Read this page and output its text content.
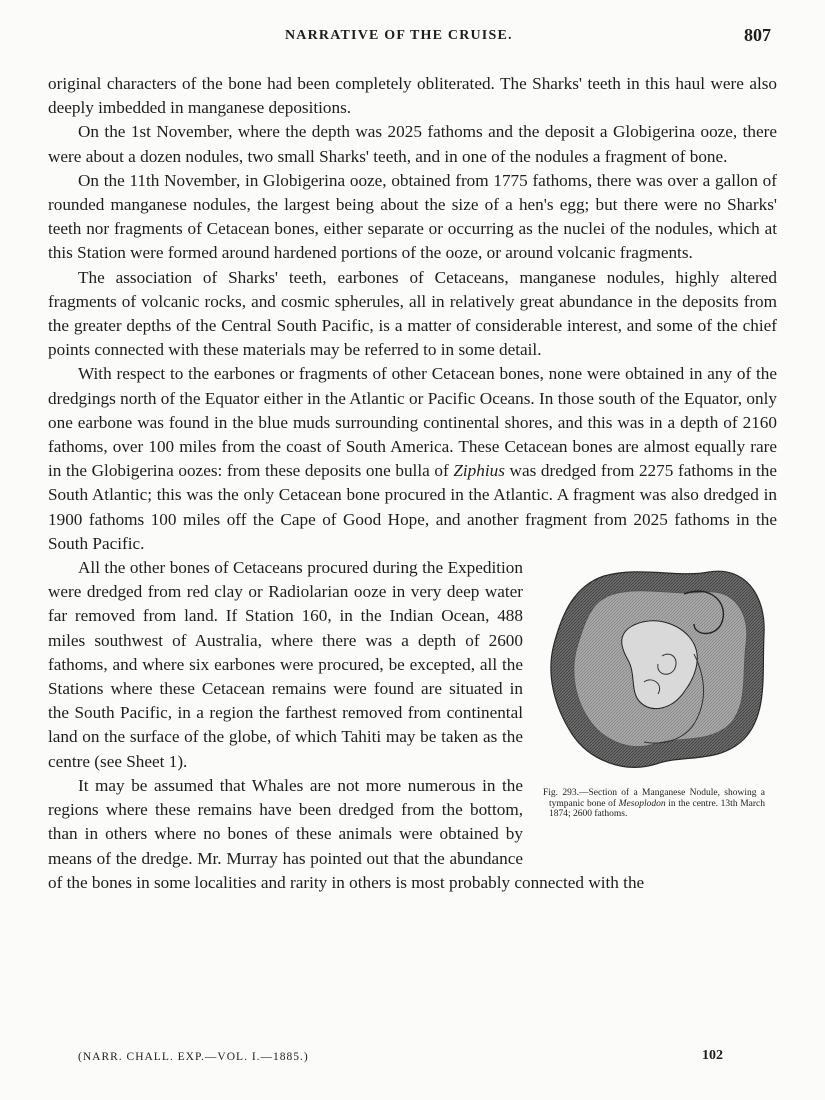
NARRATIVE OF THE CRUISE.	807

original characters of the bone had been completely obliterated. The Sharks' teeth in this haul were also deeply imbedded in manganese depositions.

On the 1st November, where the depth was 2025 fathoms and the deposit a Globigerina ooze, there were about a dozen nodules, two small Sharks' teeth, and in one of the nodules a fragment of bone.

On the 11th November, in Globigerina ooze, obtained from 1775 fathoms, there was over a gallon of rounded manganese nodules, the largest being about the size of a hen's egg; but there were no Sharks' teeth nor fragments of Cetacean bones, either separate or occurring as the nuclei of the nodules, which at this Station were formed around hardened portions of the ooze, or around volcanic fragments.

The association of Sharks' teeth, earbones of Cetaceans, manganese nodules, highly altered fragments of volcanic rocks, and cosmic spherules, all in relatively great abundance in the deposits from the greater depths of the Central South Pacific, is a matter of considerable interest, and some of the chief points connected with these materials may be referred to in some detail.

With respect to the earbones or fragments of other Cetacean bones, none were obtained in any of the dredgings north of the Equator either in the Atlantic or Pacific Oceans. In those south of the Equator, only one earbone was found in the blue muds surrounding continental shores, and this was in a depth of 2160 fathoms, over 100 miles from the coast of South America. These Cetacean bones are almost equally rare in the Globigerina oozes: from these deposits one bulla of Ziphius was dredged from 2275 fathoms in the South Atlantic; this was the only Cetacean bone procured in the Atlantic. A fragment was also dredged in 1900 fathoms 100 miles off the Cape of Good Hope, and another fragment from 2025 fathoms in the South Pacific.

Fig. 293.—Section of a Manganese Nodule, showing a tympanic bone of Mesoplodon in the centre. 13th March 1874; 2600 fathoms.

All the other bones of Cetaceans procured during the Expedition were dredged from red clay or Radiolarian ooze in very deep water far removed from land. If Station 160, in the Indian Ocean, 488 miles southwest of Australia, where there was a depth of 2600 fathoms, and where six earbones were procured, be excepted, all the Stations where these Cetacean remains were found are situated in the South Pacific, in a region the farthest removed from continental land on the surface of the globe, of which Tahiti may be taken as the centre (see Sheet 1).

It may be assumed that Whales are not more numerous in the regions where these remains have been dredged from the bottom, than in others where no bones of these animals were obtained by means of the dredge. Mr. Murray has pointed out that the abundance of the bones in some localities and rarity in others is most probably connected with the

(NARR. CHALL. EXP.—VOL. I.—1885.)	102
